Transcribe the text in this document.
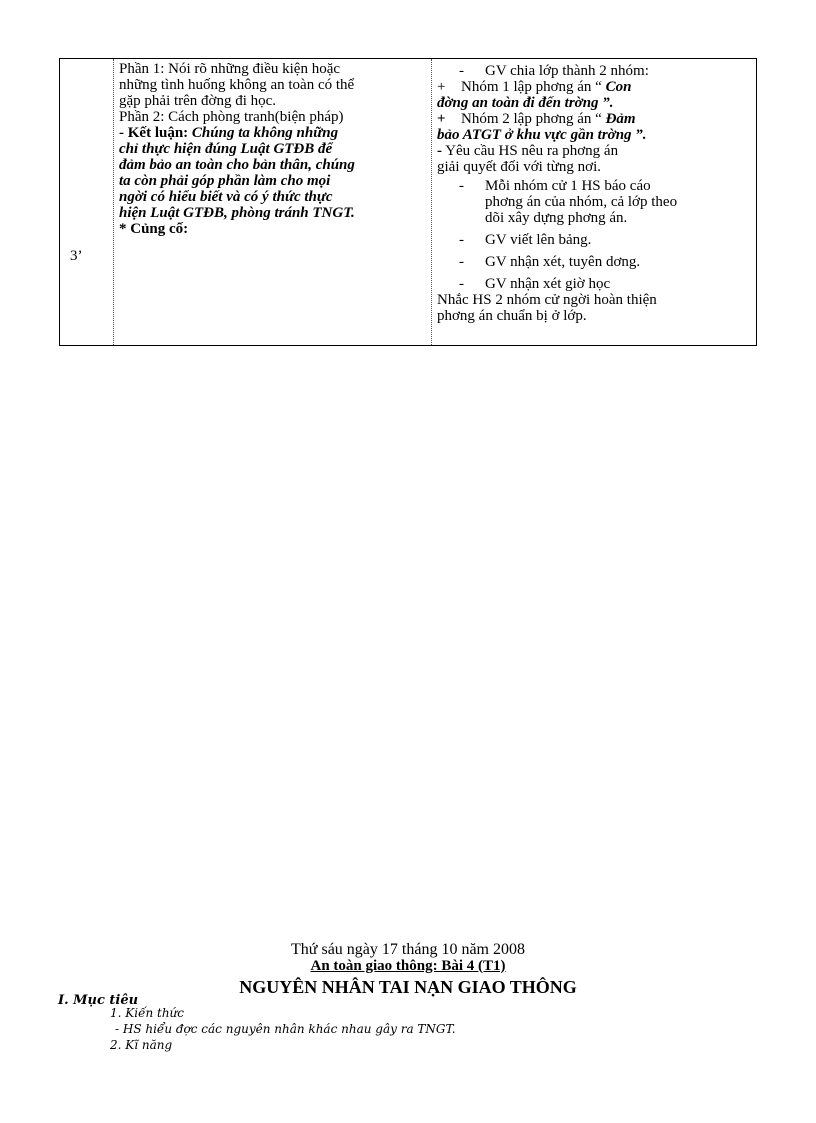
3’
Phần 1: Nói rõ những điều kiện hoặc
những tình huống không an toàn có thể
gặp phải trên đờng đi học.
Phần 2: Cách phòng tranh(biện pháp)
- Kết luận: Chúng ta không những
chỉ thực hiện đúng Luật GTĐB để
đảm bảo an toàn cho bản thân, chúng
ta còn phải góp phần làm cho mọi
ngời có hiểu biết và có ý thức thực
hiện Luật GTĐB, phòng tránh TNGT.
* Củng cố:
- GV chia lớp thành 2 nhóm:
+ Nhóm 1 lập phơng án “ Con
đờng an toàn đi đến trờng ”.
+ Nhóm 2 lập phơng án “ Đảm
bảo ATGT ở khu vực gần trờng ”.
- Yêu cầu HS nêu ra phơng án
giải quyết đối với từng nơi.
- Mỗi nhóm cử 1 HS báo cáo
phơng án của nhóm, cả lớp theo
dõi xây dựng phơng án.
- GV viết lên bảng.
- GV nhận xét, tuyên dơng.
- GV nhận xét giờ học
Nhắc HS 2 nhóm cử ngời hoàn thiện
phơng án chuẩn bị ở lớp.
Thứ sáu ngày 17 tháng 10 năm 2008
An toàn giao thông: Bài 4 (T1)
NGUYÊN NHÂN TAI NẠN GIAO THÔNG
I. Mục tiêu
1. Kiến thức
- HS hiểu đợc các nguyên nhân khác nhau gây ra TNGT.
2. Kĩ năng
